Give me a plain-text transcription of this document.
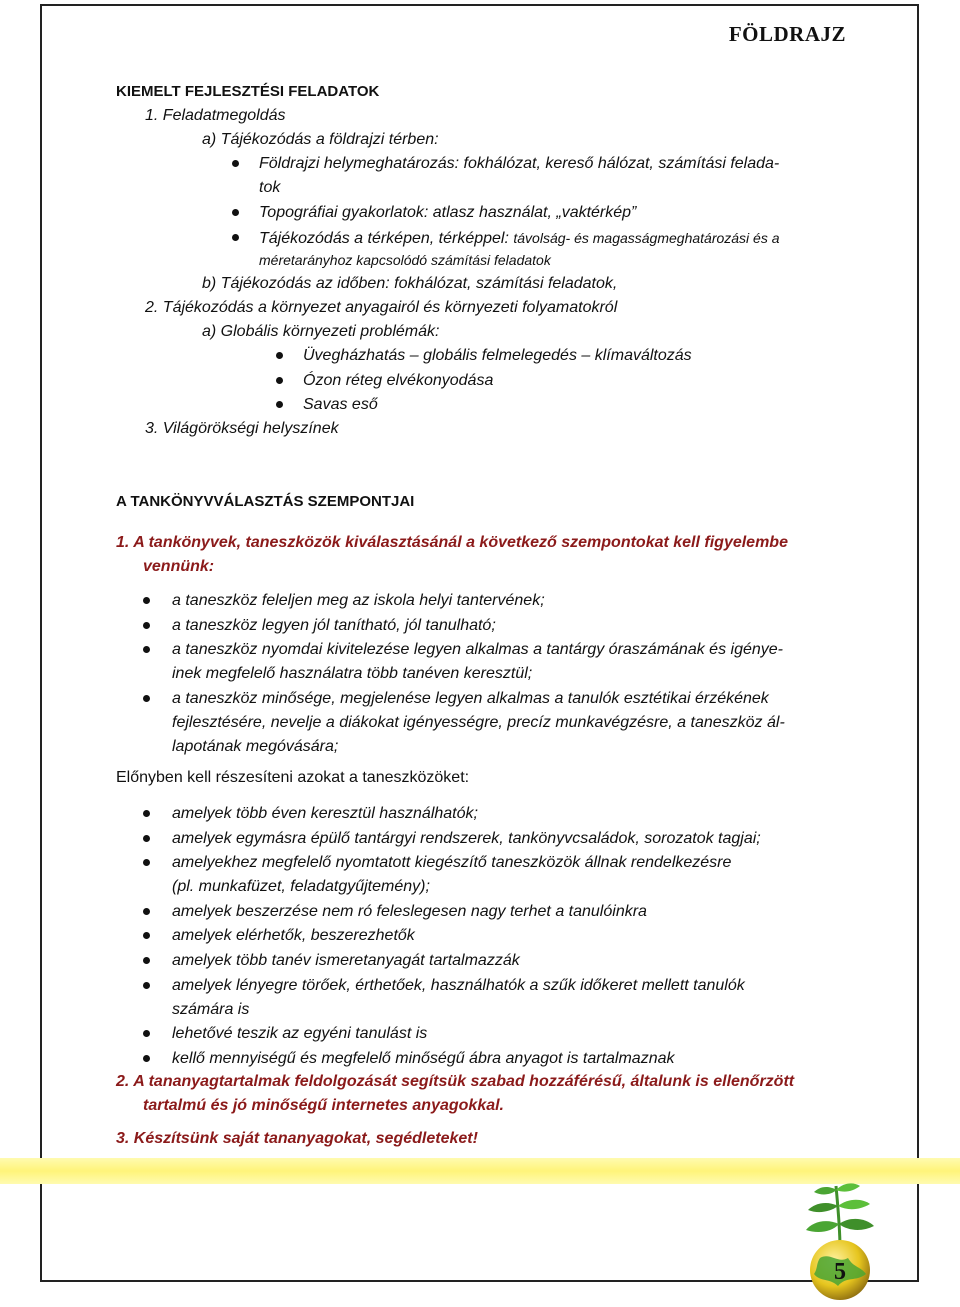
FÖLDRAJZ
KIEMELT FEJLESZTÉSI FELADATOK
1. Feladatmegoldás
a) Tájékozódás a földrajzi térben:
Földrajzi helymeghatározás: fokhálózat, kereső hálózat, számítási felada-
tok
Topográfiai gyakorlatok: atlasz használat, „vaktérkép”
Tájékozódás a térképen, térképpel: távolság- és magasságmeghatározási és a
méretarányhoz kapcsolódó számítási feladatok
b) Tájékozódás az időben: fokhálózat, számítási feladatok,
2. Tájékozódás a környezet anyagairól és környezeti folyamatokról
a) Globális környezeti problémák:
Üvegházhatás – globális felmelegedés – klímaváltozás
Ózon réteg elvékonyodása
Savas eső
3. Világörökségi helyszínek
A TANKÖNYVVÁLASZTÁS SZEMPONTJAI
1. A tankönyvek, taneszközök kiválasztásánál a következő szempontokat kell figyelembe
vennünk:
a taneszköz feleljen meg az iskola helyi tantervének;
a taneszköz legyen jól tanítható, jól tanulható;
a taneszköz nyomdai kivitelezése legyen alkalmas a tantárgy óraszámának és igénye-
inek megfelelő használatra több tanéven keresztül;
a taneszköz minősége, megjelenése legyen alkalmas a tanulók esztétikai érzékének
fejlesztésére, nevelje a diákokat igényességre, precíz munkavégzésre, a taneszköz ál-
lapotának megóvására;
Előnyben kell részesíteni azokat a taneszközöket:
amelyek több éven keresztül használhatók;
amelyek egymásra épülő tantárgyi rendszerek, tankönyvcsaládok, sorozatok tagjai;
amelyekhez megfelelő nyomtatott kiegészítő taneszközök állnak rendelkezésre
(pl. munkafüzet, feladatgyűjtemény);
amelyek beszerzése nem ró feleslegesen nagy terhet a tanulóinkra
amelyek elérhetők, beszerezhetők
amelyek több tanév ismeretanyagát tartalmazzák
amelyek lényegre törőek, érthetőek, használhatók a szűk időkeret mellett tanulók
számára is
lehetővé teszik az egyéni tanulást is
kellő mennyiségű és megfelelő minőségű ábra anyagot is tartalmaznak
2. A tananyagtartalmak feldolgozását segítsük szabad hozzáférésű, általunk is ellenőrzött
tartalmú és jó minőségű internetes anyagokkal.
3. Készítsünk saját tananyagokat, segédleteket!
5
